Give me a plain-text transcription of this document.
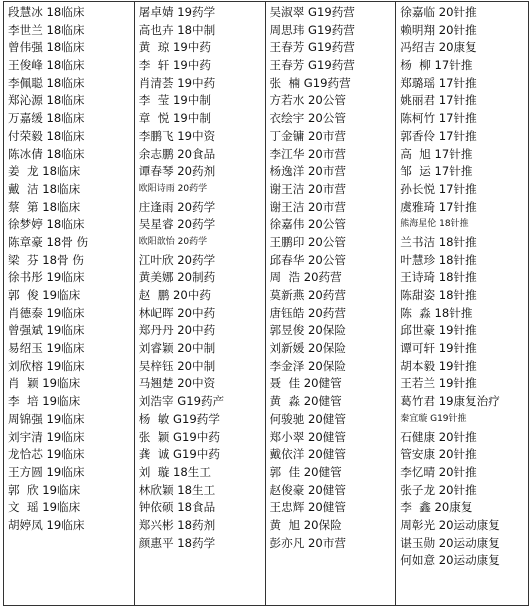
段慧冰 18临床
李世兰 18临床
曾伟强 18临床
王俊峰 18临床
李佩聪 18临床
郑沁源 18临床
万嘉缓 18临床
付荣毅 18临床
陈冰倩 18临床
姜  龙 18临床
戴  洁 18临床
蔡  第 18临床
徐梦婷 18临床
陈章豪 18骨 伤
梁  芬 18骨 伤
徐书彤 19临床
郭  俊 19临床
肖德泰 19临床
曾强斌 19临床
易绍玉 19临床
刘欣榕 19临床
肖  颖 19临床
李  培 19临床
周锦强 19临床
刘宇清 19临床
龙恰芯 19临床
王方圆 19临床
郭  欣 19临床
文  瑶 19临床
胡婷凤 19临床
屠卓婧 19药学
高也卉 18中制
黄  琼 19中药
李  轩 19中药
肖清荟 19中药
李  莹 19中制
章  悦 19中制
李鹏飞 19中资
余志鹏 20食品
谭春琴 20药剂
欧阳诗雨 20药学
庄逢雨 20药学
吴星睿 20药学
欧阳歆怡 20药学
江叶欣 20药学
黄美娜 20制药
赵  鹏 20中药
林屺晖 20中药
郑丹丹 20中药
刘睿颖 20中制
吴梓钰 20中制
马翘楚 20中资
刘浩宰 G19药产
杨  敏 G19药学
张  颖 G19中药
龚  诚 G19中药
刘  璇 18生工
林欣颖 18生工
钟依硕 18食品
郑兴彬 18药剂
颜惠平 18药学
吴淑翠 G19药营
周思玮 G19药营
王春芳 G19药营
王春芳 G19药营
张  楠 G19药营
方若水 20公管
衣绘宇 20公管
丁金镛 20市营
李江华 20市营
杨逸洋 20市营
谢王洁 20市营
谢王洁 20市营
徐嘉伟 20公管
王鹏印 20公管
邱春华 20公管
周  浩 20药营
莫新燕 20药营
唐钰皓 20药营
郭昱俊 20保险
刘新媛 20保险
李金泽 20保险
聂  佳 20健管
黄  淼 20健管
何骏驰 20健管
郑小翠 20健管
戴依洋 20健管
郭  佳 20健管
赵俊豪 20健管
王忠辉 20健管
黄  旭 20保险
彭亦凡 20市营
徐嘉临 20针推
赖明翔 20针推
冯绍吉 20康复
杨  柳 17针推
郑璐瑶 17针推
姚丽君 17针推
陈柯竹 17针推
郭香伶 17针推
高  旭 17针推
邹  运 17针推
孙长悦 17针推
虞雅琦 17针推
熊海星伦 18针推
兰书洁 18针推
叶慧珍 18针推
王诗琦 18针推
陈甜姿 18针推
陈  淼 18针推
邱世豪 19针推
谭可轩 19针推
胡本毅 19针推
王若兰 19针推
葛竹君 19康复治疗
秦宜璇 G19针推
石健康 20针推
管安康 20针推
李忆晴 20针推
张子龙 20针推
李  鑫 20康复
周彰光 20运动康复
谌玉勋 20运动康复
何如意 20运动康复
